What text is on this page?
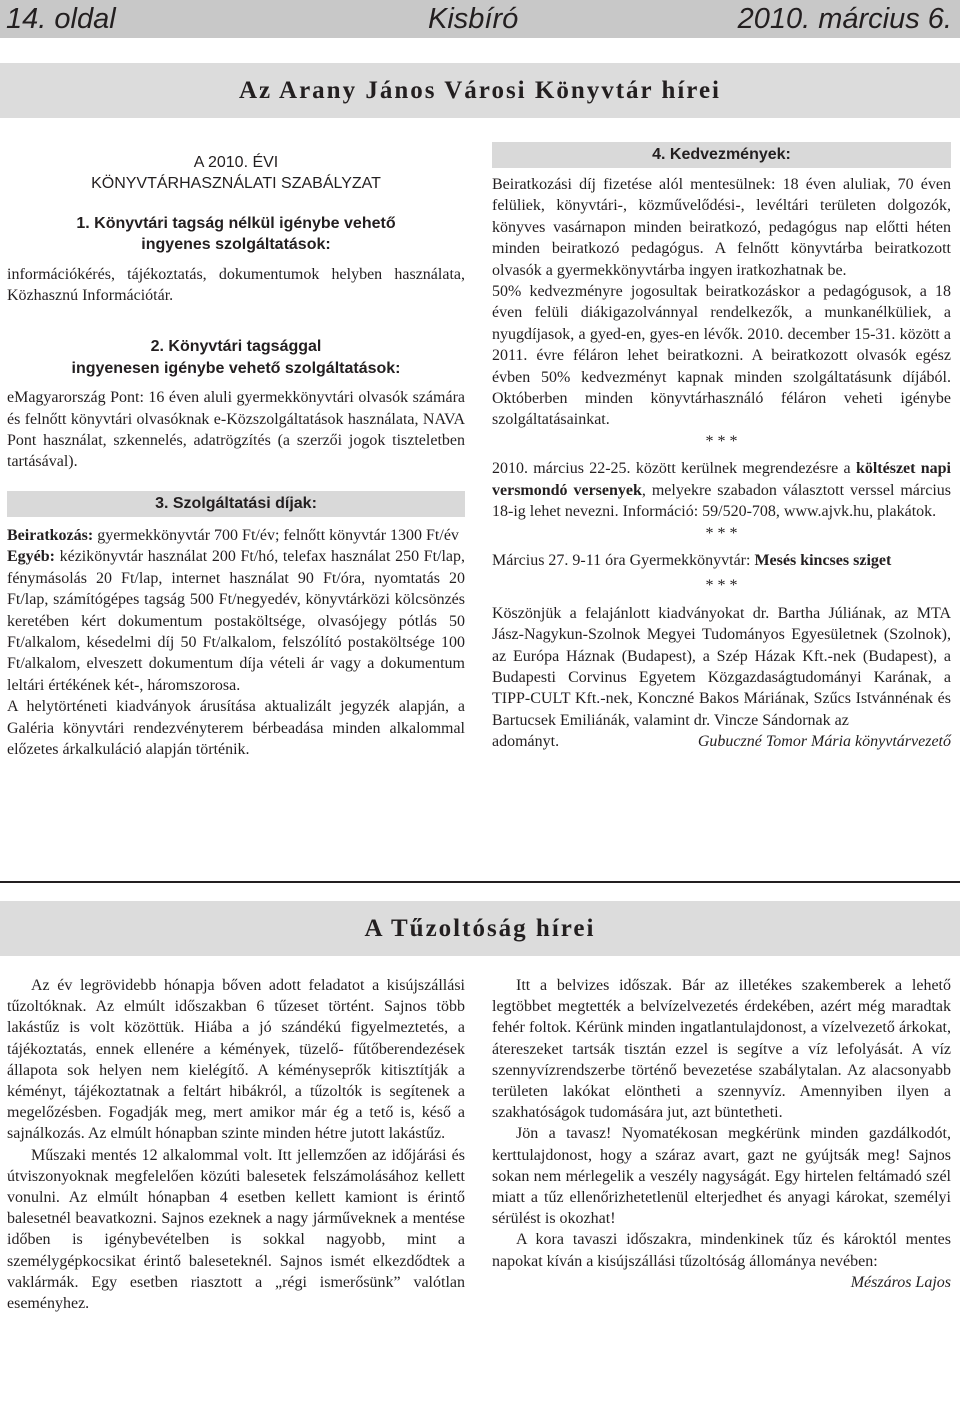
14. oldal	Kisbíró	2010. március 6.
Az Arany János Városi Könyvtár hírei

A 2010. ÉVI

KÖNYVTÁRHASZNÁLATI SZABÁLYZAT

1. Könyvtári tagság nélkül igénybe vehető

ingyenes szolgáltatások:

információkérés, tájékoztatás, dokumentumok helyben használata, Közhasznú Információtár.

2. Könyvtári tagsággal

ingyenesen igénybe vehető szolgáltatások:

eMagyarország Pont: 16 éven aluli gyermekkönyvtári olvasók számára és felnőtt könyvtári olvasóknak e-Közszolgáltatások használata, NAVA Pont használat, szkennelés, adatrögzítés (a szerzői jogok tiszteletben tartásával).

3. Szolgáltatási díjak:

Beiratkozás: gyermekkönyvtár 700 Ft/év; felnőtt könyvtár 1300 Ft/év

Egyéb: kézikönyvtár használat 200 Ft/hó, telefax használat 250 Ft/lap, fénymásolás 20 Ft/lap, internet használat 90 Ft/óra, nyomtatás 20 Ft/lap, számítógépes tagság 500 Ft/negyedév, könyvtárközi kölcsönzés keretében kért dokumentum postaköltsége, olvasójegy pótlás 50 Ft/alkalom, késedelmi díj 50 Ft/alkalom, felszólító postaköltsége 100 Ft/alkalom, elveszett dokumentum díja vételi ár vagy a dokumentum leltári értékének két-, háromszorosa.

A helytörténeti kiadványok árusítása aktualizált jegyzék alapján, a Galéria könyvtári rendezvényterem bérbeadása minden alkalommal előzetes árkalkuláció alapján történik.

4. Kedvezmények:

Beiratkozási díj fizetése alól mentesülnek: 18 éven aluliak, 70 éven felüliek, könyvtári-, közművelődési-, levéltári területen dolgozók, könyves vasárnapon minden beiratkozó, pedagógus nap előtti héten minden beiratkozó pedagógus. A felnőtt könyvtárba beiratkozott olvasók a gyermekkönyvtárba ingyen iratkozhatnak be.

50% kedvezményre jogosultak beiratkozáskor a pedagógusok, a 18 éven felüli diákigazolvánnyal rendelkezők, a munkanélküliek, a nyugdíjasok, a gyed-en, gyes-en lévők. 2010. december 15-31. között a 2011. évre féláron lehet beiratkozni. A beiratkozott olvasók egész évben 50% kedvezményt kapnak minden szolgáltatásunk díjából. Októberben minden könyvtárhasználó féláron veheti igénybe szolgáltatásainkat.

* * *

2010. március 22-25. között kerülnek megrendezésre a költészet napi versmondó versenyek, melyekre szabadon választott verssel március 18-ig lehet nevezni. Információ: 59/520-708, www.ajvk.hu, plakátok.

* * *

Március 27. 9-11 óra Gyermekkönyvtár: Mesés kincses sziget

* * *

Köszönjük a felajánlott kiadványokat dr. Bartha Júliának, az MTA Jász-Nagykun-Szolnok Megyei Tudományos Egyesületnek (Szolnok), az Európa Háznak (Budapest), a Szép Házak Kft.-nek (Budapest), a Budapesti Corvinus Egyetem Közgazdaságtudományi Karának, a TIPP-CULT Kft.-nek, Konczné Bakos Máriának, Szűcs Istvánnénak és Bartucsek Emiliánák, valamint dr. Vincze Sándornak az

adományt.	Gubuczné Tomor Mária könyvtárvezető

A Tűzoltóság hírei

Az év legrövidebb hónapja bőven adott feladatot a kisújszállási tűzoltóknak. Az elmúlt időszakban 6 tűzeset történt. Sajnos több lakástűz is volt közöttük. Hiába a jó szándékú figyelmeztetés, a tájékoztatás, ennek ellenére a kémények, tüzelő- fűtőberendezések állapota sok helyen nem kielégítő. A kéményseprők kitisztítják a kéményt, tájékoztatnak a feltárt hibákról, a tűzoltók is segítenek a megelőzésben. Fogadják meg, mert amikor már ég a tető is, késő a sajnálkozás. Az elmúlt hónapban szinte minden hétre jutott lakástűz.

Műszaki mentés 12 alkalommal volt. Itt jellemzően az időjárási és útviszonyoknak megfelelően közúti balesetek felszámolásához kellett vonulni. Az elmúlt hónapban 4 esetben kellett kamiont is érintő balesetnél beavatkozni. Sajnos ezeknek a nagy járműveknek a mentése időben is igénybevételben is sokkal nagyobb, mint a személygépkocsikat érintő baleseteknél. Sajnos ismét elkezdődtek a vaklármák. Egy esetben riasztott a „régi ismerősünk” valótlan eseményhez.

Itt a belvizes időszak. Bár az illetékes szakemberek a lehető legtöbbet megtették a belvízelvezetés érdekében, azért még maradtak fehér foltok. Kérünk minden ingatlantulajdonost, a vízelvezető árkokat, átereszeket tartsák tisztán ezzel is segítve a víz lefolyását. A víz szennyvízrendszerbe történő bevezetése szabálytalan. Az alacsonyabb területen lakókat elöntheti a szennyvíz. Amennyiben ilyen a szakhatóságok tudomására jut, azt büntetheti.

Jön a tavasz! Nyomatékosan megkérünk minden gazdálkodót, kerttulajdonost, hogy a száraz avart, gazt ne gyújtsák meg! Sajnos sokan nem mérlegelik a veszély nagyságát. Egy hirtelen feltámadó szél miatt a tűz ellenőrizhetetlenül elterjedhet és anyagi károkat, személyi sérülést is okozhat!

A kora tavaszi időszakra, mindenkinek tűz és károktól mentes napokat kíván a kisújszállási tűzoltóság állománya nevében:

Mészáros Lajos
